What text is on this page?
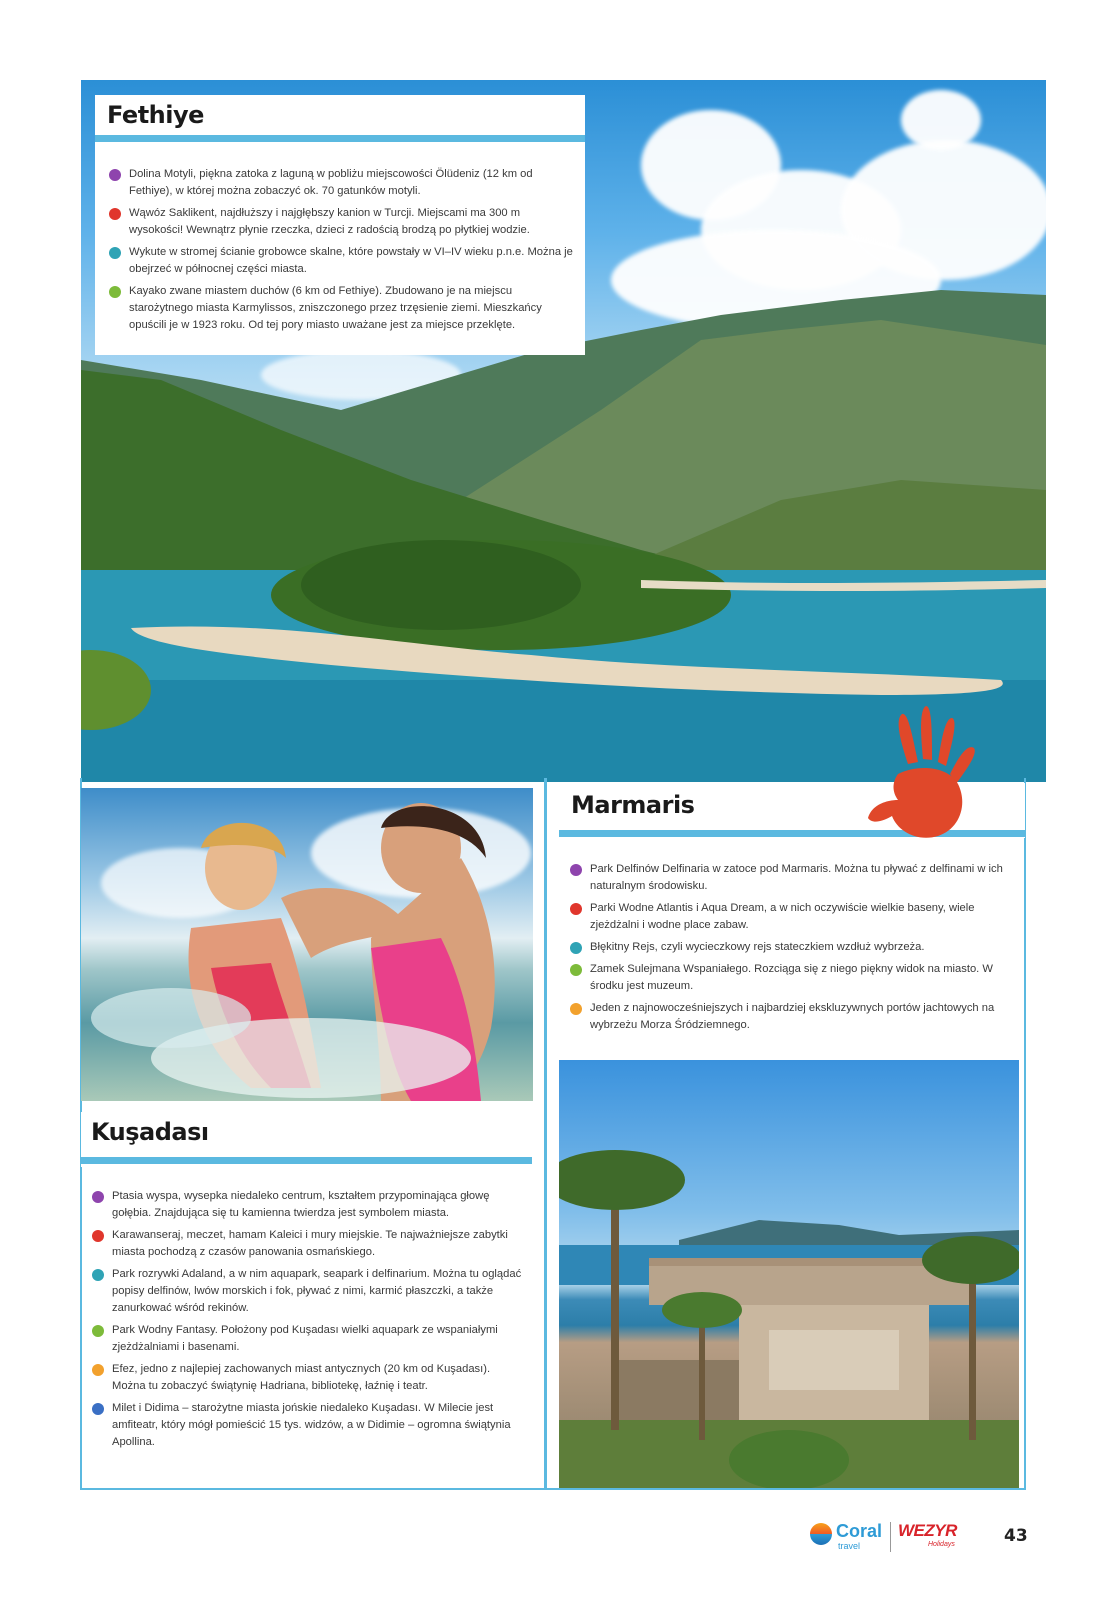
Fethiye
Dolina Motyli, piękna zatoka z laguną w pobliżu miejscowości Ölüdeniz (12 km od Fethiye), w której można zobaczyć ok. 70 gatunków motyli.
Wąwóz Saklikent, najdłuższy i najgłębszy kanion w Turcji. Miejscami ma 300 m wysokości! Wewnątrz płynie rzeczka, dzieci z radością brodzą po płytkiej wodzie.
Wykute w stromej ścianie grobowce skalne, które powstały w VI–IV wieku p.n.e. Można je obejrzeć w północnej części miasta.
Kayako zwane miastem duchów (6 km od Fethiye). Zbudowano je na miejscu starożytnego miasta Karmylissos, zniszczonego przez trzęsienie ziemi. Mieszkańcy opuścili je w 1923 roku. Od tej pory miasto uważane jest za miejsce przeklęte.
Kuşadası
Ptasia wyspa, wysepka niedaleko centrum, kształtem przypominająca głowę gołębia. Znajdująca się tu kamienna twierdza jest symbolem miasta.
Karawanseraj, meczet, hamam Kaleici i mury miejskie. Te najważniejsze zabytki miasta pochodzą z czasów panowania osmańskiego.
Park rozrywki Adaland, a w nim aquapark, seapark i delfinarium. Można tu oglądać popisy delfinów, lwów morskich i fok, pływać z nimi, karmić płaszczki, a także zanurkować wśród rekinów.
Park Wodny Fantasy. Położony pod Kuşadası wielki aquapark ze wspaniałymi zjeżdżalniami i basenami.
Efez, jedno z najlepiej zachowanych miast antycznych (20 km od Kuşadası). Można tu zobaczyć świątynię Hadriana, bibliotekę, łaźnię i teatr.
Milet i Didima – starożytne miasta jońskie niedaleko Kuşadası. W Milecie jest amfiteatr, który mógł pomieścić 15 tys. widzów, a w Didimie – ogromna świątynia Apollina.
Marmaris
Park Delfinów Delfinaria w zatoce pod Marmaris. Można tu pływać z delfinami w ich naturalnym środowisku.
Parki Wodne Atlantis i Aqua Dream, a w nich oczywiście wielkie baseny, wiele zjeżdżalni i wodne place zabaw.
Błękitny Rejs, czyli wycieczkowy rejs stateczkiem wzdłuż wybrzeża.
Zamek Sulejmana Wspaniałego. Rozciąga się z niego piękny widok na miasto. W środku jest muzeum.
Jeden z najnowocześniejszych i najbardziej ekskluzywnych portów jachtowych na wybrzeżu Morza Śródziemnego.
Coral
travel
WEZYR
Holidays	43
